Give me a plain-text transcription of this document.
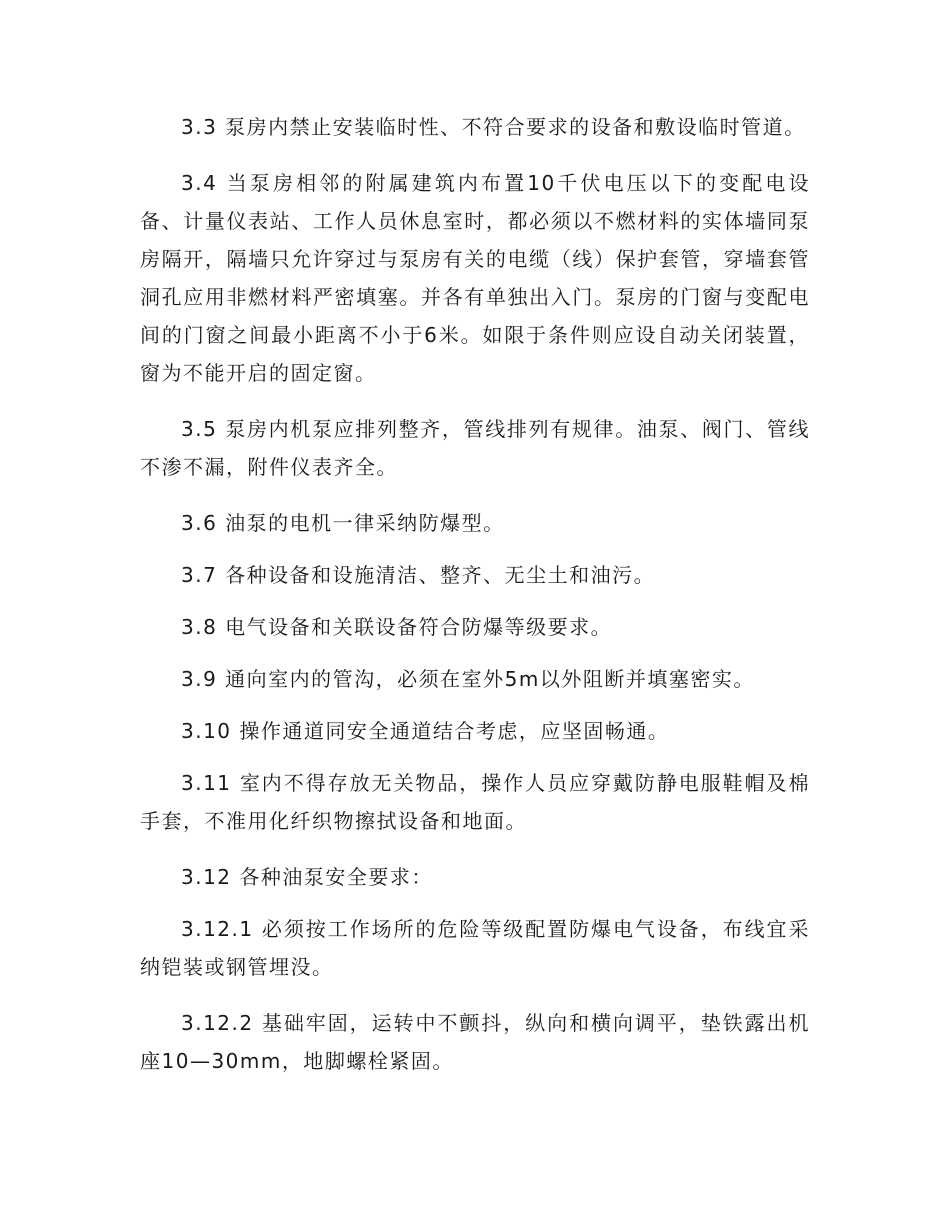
3.3 泵房内禁止安装临时性、不符合要求的设备和敷设临时管道。

3.4 当泵房相邻的附属建筑内布置10千伏电压以下的变配电设备、计量仪表站、工作人员休息室时，都必须以不燃材料的实体墙同泵房隔开，隔墙只允许穿过与泵房有关的电缆（线）保护套管，穿墙套管洞孔应用非燃材料严密填塞。并各有单独出入门。泵房的门窗与变配电间的门窗之间最小距离不小于6米。如限于条件则应设自动关闭装置，窗为不能开启的固定窗。

3.5 泵房内机泵应排列整齐，管线排列有规律。油泵、阀门、管线不渗不漏，附件仪表齐全。

3.6 油泵的电机一律采纳防爆型。

3.7 各种设备和设施清洁、整齐、无尘土和油污。

3.8 电气设备和关联设备符合防爆等级要求。

3.9 通向室内的管沟，必须在室外5m以外阻断并填塞密实。

3.10 操作通道同安全通道结合考虑，应坚固畅通。

3.11 室内不得存放无关物品，操作人员应穿戴防静电服鞋帽及棉手套，不准用化纤织物擦拭设备和地面。

3.12 各种油泵安全要求：

3.12.1 必须按工作场所的危险等级配置防爆电气设备，布线宜采纳铠装或钢管埋没。

3.12.2 基础牢固，运转中不颤抖，纵向和横向调平，垫铁露出机座10—30mm，地脚螺栓紧固。
